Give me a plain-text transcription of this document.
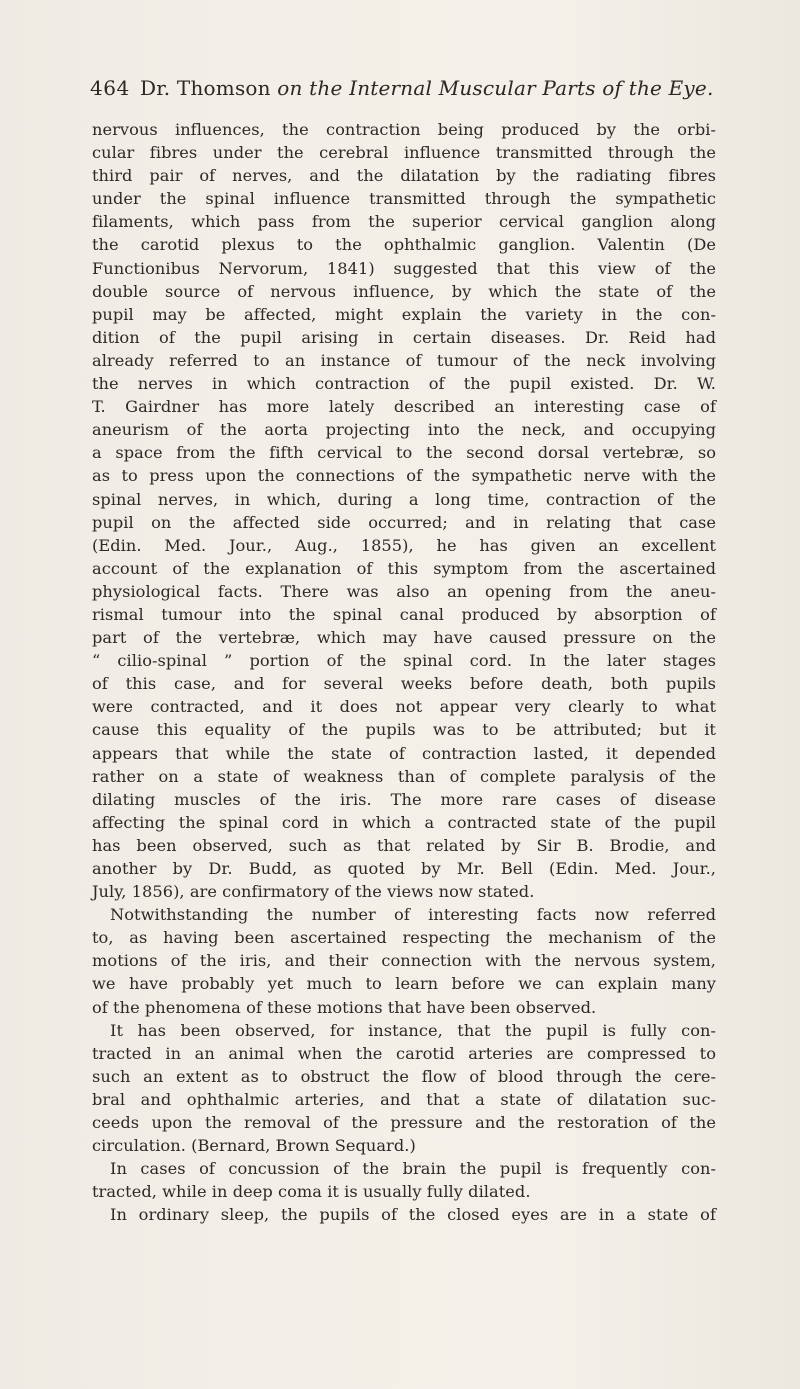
464 Dr. Thomson on the Internal Muscular Parts of the Eye.
nervous influences, the contraction being produced by the orbi-
cular fibres under the cerebral influence transmitted through the
third pair of nerves, and the dilatation by the radiating fibres
under the spinal influence transmitted through the sympathetic
filaments, which pass from the superior cervical ganglion along
the carotid plexus to the ophthalmic ganglion. Valentin (De
Functionibus Nervorum, 1841) suggested that this view of the
double source of nervous influence, by which the state of the
pupil may be affected, might explain the variety in the con-
dition of the pupil arising in certain diseases. Dr. Reid had
already referred to an instance of tumour of the neck involving
the nerves in which contraction of the pupil existed. Dr. W.
T. Gairdner has more lately described an interesting case of
aneurism of the aorta projecting into the neck, and occupying
a space from the fifth cervical to the second dorsal vertebræ, so
as to press upon the connections of the sympathetic nerve with the
spinal nerves, in which, during a long time, contraction of the
pupil on the affected side occurred; and in relating that case
(Edin. Med. Jour., Aug., 1855), he has given an excellent
account of the explanation of this symptom from the ascertained
physiological facts. There was also an opening from the aneu-
rismal tumour into the spinal canal produced by absorption of
part of the vertebræ, which may have caused pressure on the
“ cilio-spinal ” portion of the spinal cord. In the later stages
of this case, and for several weeks before death, both pupils
were contracted, and it does not appear very clearly to what
cause this equality of the pupils was to be attributed; but it
appears that while the state of contraction lasted, it depended
rather on a state of weakness than of complete paralysis of the
dilating muscles of the iris. The more rare cases of disease
affecting the spinal cord in which a contracted state of the pupil
has been observed, such as that related by Sir B. Brodie, and
another by Dr. Budd, as quoted by Mr. Bell (Edin. Med. Jour.,
July, 1856), are confirmatory of the views now stated.
Notwithstanding the number of interesting facts now referred
to, as having been ascertained respecting the mechanism of the
motions of the iris, and their connection with the nervous system,
we have probably yet much to learn before we can explain many
of the phenomena of these motions that have been observed.
It has been observed, for instance, that the pupil is fully con-
tracted in an animal when the carotid arteries are compressed to
such an extent as to obstruct the flow of blood through the cere-
bral and ophthalmic arteries, and that a state of dilatation suc-
ceeds upon the removal of the pressure and the restoration of the
circulation. (Bernard, Brown Sequard.)
In cases of concussion of the brain the pupil is frequently con-
tracted, while in deep coma it is usually fully dilated.
In ordinary sleep, the pupils of the closed eyes are in a state of
